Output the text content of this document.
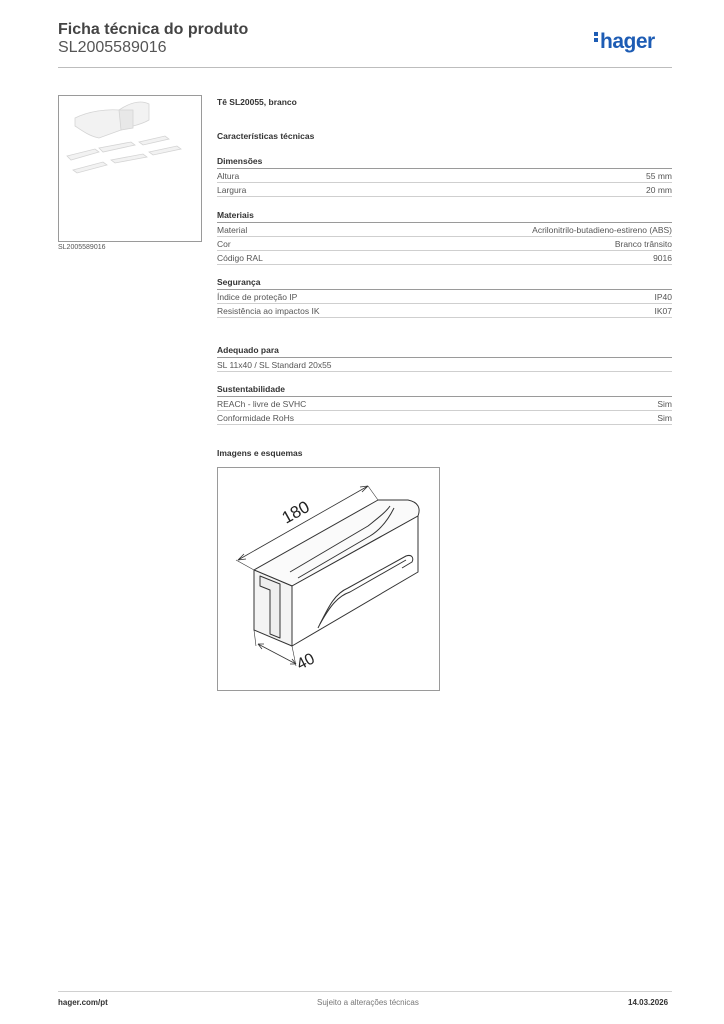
Ficha técnica do produto
SL2005589016	hager
SL2005589016
Tê SL20055, branco
Características técnicas
Dimensões
Altura	55 mm
Largura	20 mm
Materiais
Material	Acrilonitrilo-butadieno-estireno (ABS)
Cor	Branco trânsito
Código RAL	9016
Segurança
Índice de proteção IP	IP40
Resistência ao impactos IK	IK07
Adequado para
SL 11x40 / SL Standard 20x55
Sustentabilidade
REACh - livre de SVHC	Sim
Conformidade RoHs	Sim
Imagens e esquemas
180
40
hager.com/pt	Sujeito a alterações técnicas	14.03.2026
